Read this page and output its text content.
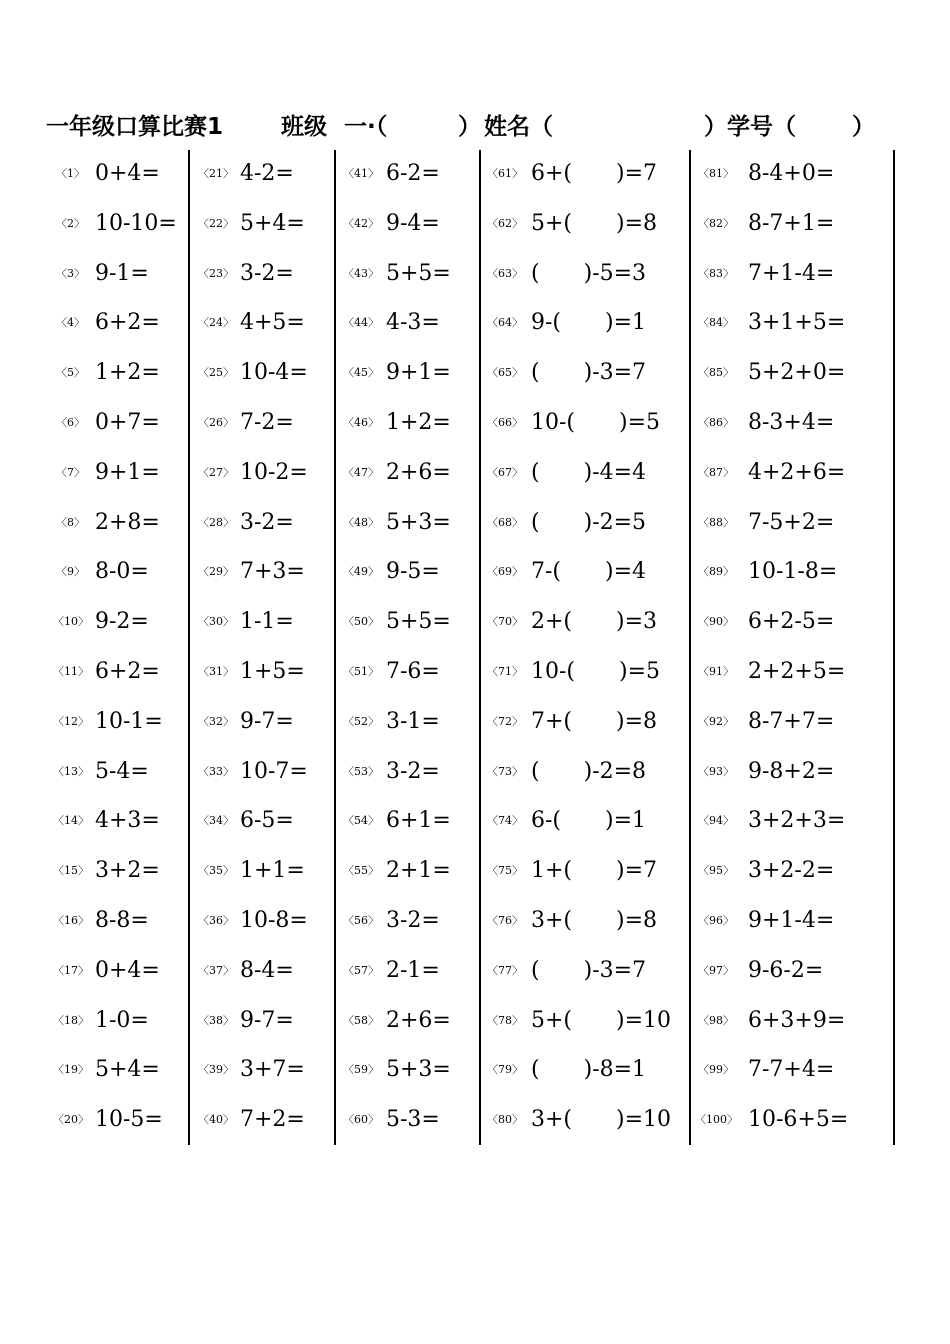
一年级口算比赛1	班级 一·（	） 姓名（	） 学号（ ）
〈1〉 0+4=
〈2〉 10-10=
〈3〉 9-1=
〈4〉 6+2=
〈5〉 1+2=
〈6〉 0+7=
〈7〉 9+1=
〈8〉 2+8=
〈9〉 8-0=
〈10〉 9-2=
〈11〉 6+2=
〈12〉 10-1=
〈13〉 5-4=
〈14〉 4+3=
〈15〉 3+2=
〈16〉 8-8=
〈17〉 0+4=
〈18〉 1-0=
〈19〉 5+4=
〈20〉 10-5=
〈21〉 4-2=
〈22〉 5+4=
〈23〉 3-2=
〈24〉 4+5=
〈25〉 10-4=
〈26〉 7-2=
〈27〉 10-2=
〈28〉 3-2=
〈29〉 7+3=
〈30〉 1-1=
〈31〉 1+5=
〈32〉 9-7=
〈33〉 10-7=
〈34〉 6-5=
〈35〉 1+1=
〈36〉 10-8=
〈37〉 8-4=
〈38〉 9-7=
〈39〉 3+7=
〈40〉 7+2=
〈41〉 6-2=
〈42〉 9-4=
〈43〉 5+5=
〈44〉 4-3=
〈45〉 9+1=
〈46〉 1+2=
〈47〉 2+6=
〈48〉 5+3=
〈49〉 9-5=
〈50〉 5+5=
〈51〉 7-6=
〈52〉 3-1=
〈53〉 3-2=
〈54〉 6+1=
〈55〉 2+1=
〈56〉 3-2=
〈57〉 2-1=
〈58〉 2+6=
〈59〉 5+3=
〈60〉 5-3=
〈61〉 6+(　　)=7
〈62〉 5+(　　)=8
〈63〉 (　　)-5=3
〈64〉 9-(　　)=1
〈65〉 (　　)-3=7
〈66〉 10-(　　)=5
〈67〉 (　　)-4=4
〈68〉 (　　)-2=5
〈69〉 7-(　　)=4
〈70〉 2+(　　)=3
〈71〉 10-(　　)=5
〈72〉 7+(　　)=8
〈73〉 (　　)-2=8
〈74〉 6-(　　)=1
〈75〉 1+(　　)=7
〈76〉 3+(　　)=8
〈77〉 (　　)-3=7
〈78〉 5+(　　)=10
〈79〉 (　　)-8=1
〈80〉 3+(　　)=10
〈81〉 8-4+0=
〈82〉 8-7+1=
〈83〉 7+1-4=
〈84〉 3+1+5=
〈85〉 5+2+0=
〈86〉 8-3+4=
〈87〉 4+2+6=
〈88〉 7-5+2=
〈89〉 10-1-8=
〈90〉 6+2-5=
〈91〉 2+2+5=
〈92〉 8-7+7=
〈93〉 9-8+2=
〈94〉 3+2+3=
〈95〉 3+2-2=
〈96〉 9+1-4=
〈97〉 9-6-2=
〈98〉 6+3+9=
〈99〉 7-7+4=
〈100〉 10-6+5=
